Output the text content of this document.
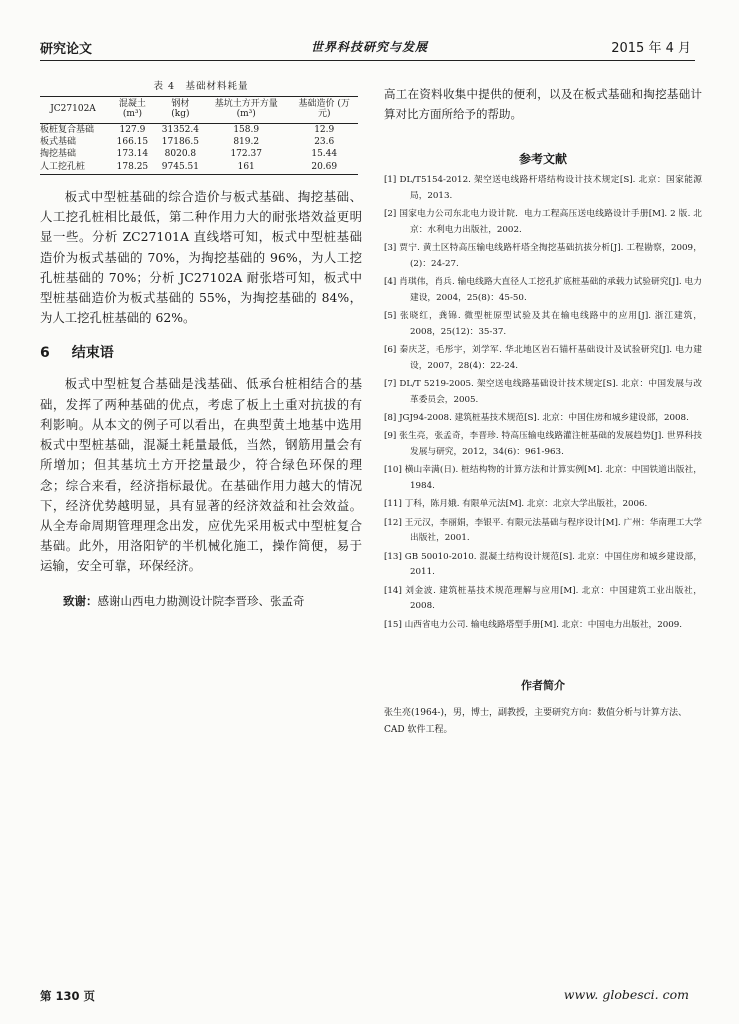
研究论文	世界科技研究与发展	2015 年 4 月
表 4　基础材料耗量
JC27102A	混凝土 (m³)	钢材 (kg)	基坑土方开方量 (m³)	基础造价 (万元)
板桩复合基础	127.9	31352.4	158.9	12.9
板式基础	166.15	17186.5	819.2	23.6
掏挖基础	173.14	8020.8	172.37	15.44
人工挖孔桩	178.25	9745.51	161	20.69

板式中型桩基础的综合造价与板式基础、掏挖基础、人工挖孔桩相比最低，第二种作用力大的耐张塔效益更明显一些。分析 ZC27101A 直线塔可知，板式中型桩基础造价为板式基础的 70%，为掏挖基础的 96%，为人工挖孔桩基础的 70%；分析 JC27102A 耐张塔可知，板式中型桩基础造价为板式基础的 55%，为掏挖基础的 84%，为人工挖孔桩基础的 62%。

6 结束语

板式中型桩复合基础是浅基础、低承台桩相结合的基础，发挥了两种基础的优点，考虑了板上土重对抗拔的有利影响。从本文的例子可以看出，在典型黄土地基中选用板式中型桩基础，混凝土耗量最低，当然，钢筋用量会有所增加；但其基坑土方开挖量最少，符合绿色环保的理念；综合来看，经济指标最优。在基础作用力越大的情况下，经济优势越明显，具有显著的经济效益和社会效益。从全寿命周期管理理念出发，应优先采用板式中型桩复合基础。此外，用洛阳铲的半机械化施工，操作简便，易于运输，安全可靠，环保经济。

致谢：感谢山西电力勘测设计院李晋珍、张孟奇

高工在资料收集中提供的便利，以及在板式基础和掏挖基础计算对比方面所给予的帮助。

参考文献
[1] DL/T5154-2012. 架空送电线路杆塔结构设计技术规定[S]. 北京：国家能源局，2013.
[2] 国家电力公司东北电力设计院．电力工程高压送电线路设计手册[M]. 2 版. 北京：水利电力出版社，2002.
[3] 贾宁. 黄土区特高压输电线路杆塔全掏挖基础抗拔分析[J]. 工程勘察，2009，(2)：24-27.
[4] 肖琪伟，肖兵. 输电线路大直径人工挖孔扩底桩基础的承载力试验研究[J]. 电力建设，2004，25(8)：45-50.
[5] 张晓红，龚锦. 微型桩原型试验及其在输电线路中的应用[J]. 浙江建筑，2008，25(12)：35-37.
[6] 秦庆芝，毛彤宇，刘学军. 华北地区岩石锚杆基础设计及试验研究[J]. 电力建设，2007，28(4)：22-24.
[7] DL/T 5219-2005. 架空送电线路基础设计技术规定[S]. 北京：中国发展与改革委员会，2005.
[8] JGJ94-2008. 建筑桩基技术规范[S]. 北京：中国住房和城乡建设部，2008.
[9] 张生亮，张孟奇，李晋珍. 特高压输电线路灌注桩基础的发展趋势[J]. 世界科技发展与研究，2012，34(6)：961-963.
[10] 横山幸满(日). 桩结构物的计算方法和计算实例[M]. 北京：中国铁道出版社，1984.
[11] 丁科，陈月娥. 有限单元法[M]. 北京：北京大学出版社，2006.
[12] 王元汉，李丽娟，李银平. 有限元法基础与程序设计[M]. 广州：华南理工大学出版社，2001.
[13] GB 50010-2010. 混凝土结构设计规范[S]. 北京：中国住房和城乡建设部，2011.
[14] 刘金波. 建筑桩基技术规范理解与应用[M]. 北京：中国建筑工业出版社，2008.
[15] 山西省电力公司. 输电线路塔型手册[M]. 北京：中国电力出版社，2009.
作者简介

张生亮(1964-)，男，博士，副教授，主要研究方向：数值分析与计算方法、CAD 软件工程。

第 130 页	www. globesci. com
